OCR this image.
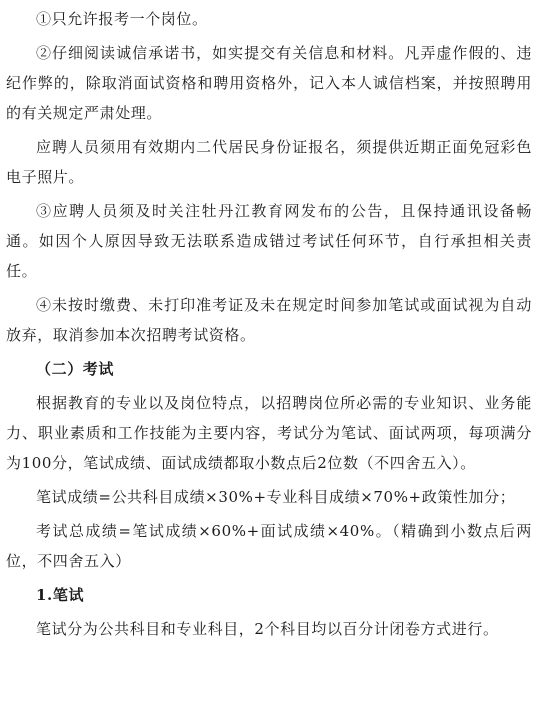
①只允许报考一个岗位。

②仔细阅读诚信承诺书，如实提交有关信息和材料。凡弄虚作假的、违纪作弊的，除取消面试资格和聘用资格外，记入本人诚信档案，并按照聘用的有关规定严肃处理。

应聘人员须用有效期内二代居民身份证报名，须提供近期正面免冠彩色电子照片。

③应聘人员须及时关注牡丹江教育网发布的公告，且保持通讯设备畅通。如因个人原因导致无法联系造成错过考试任何环节，自行承担相关责任。

④未按时缴费、未打印准考证及未在规定时间参加笔试或面试视为自动放弃，取消参加本次招聘考试资格。

（二）考试

根据教育的专业以及岗位特点，以招聘岗位所必需的专业知识、业务能力、职业素质和工作技能为主要内容，考试分为笔试、面试两项，每项满分为100分，笔试成绩、面试成绩都取小数点后2位数（不四舍五入）。

笔试成绩=公共科目成绩×30%+专业科目成绩×70%+政策性加分；

考试总成绩=笔试成绩×60%+面试成绩×40%。（精确到小数点后两位，不四舍五入）

1.笔试

笔试分为公共科目和专业科目，2个科目均以百分计闭卷方式进行。
